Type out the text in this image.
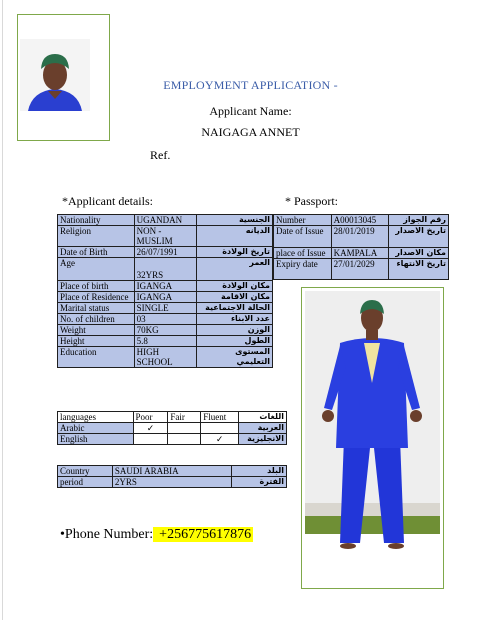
EMPLOYMENT APPLICATION -
Applicant Name:
NAIGAGA ANNET
Ref.
*Applicant details:	* Passport:
Number	A00013045	رقم الجواز
Date of Issue	28/01/2019	تاريخ الاصدار
place of Issue	KAMPALA	مكان الاصدار
Expiry date	27/01/2029	تاريخ الانتهاء
Nationality	UGANDAN	الجنسية
Religion	NON - MUSLIM	الديانه
Date of Birth	26/07/1991	تاريخ الولادة
Age	32YRS	العمر
Place of birth	IGANGA	مكان الولادة
Place of Residence	IGANGA	مكان الاقامة
Marital status	SINGLE	الحالة الاجتماعية
No. of children	03	عدد الابناء
Weight	70KG	الوزن
Height	5.8	الطول
Education	HIGH SCHOOL	المستوى التعليمي
languages	Poor	Fair	Fluent	اللغات
Arabic	✓			العربية
English			✓	الانجليزية
Country	SAUDI ARABIA	البلد
period	2YRS	الفترة
•Phone Number: +256775617876
